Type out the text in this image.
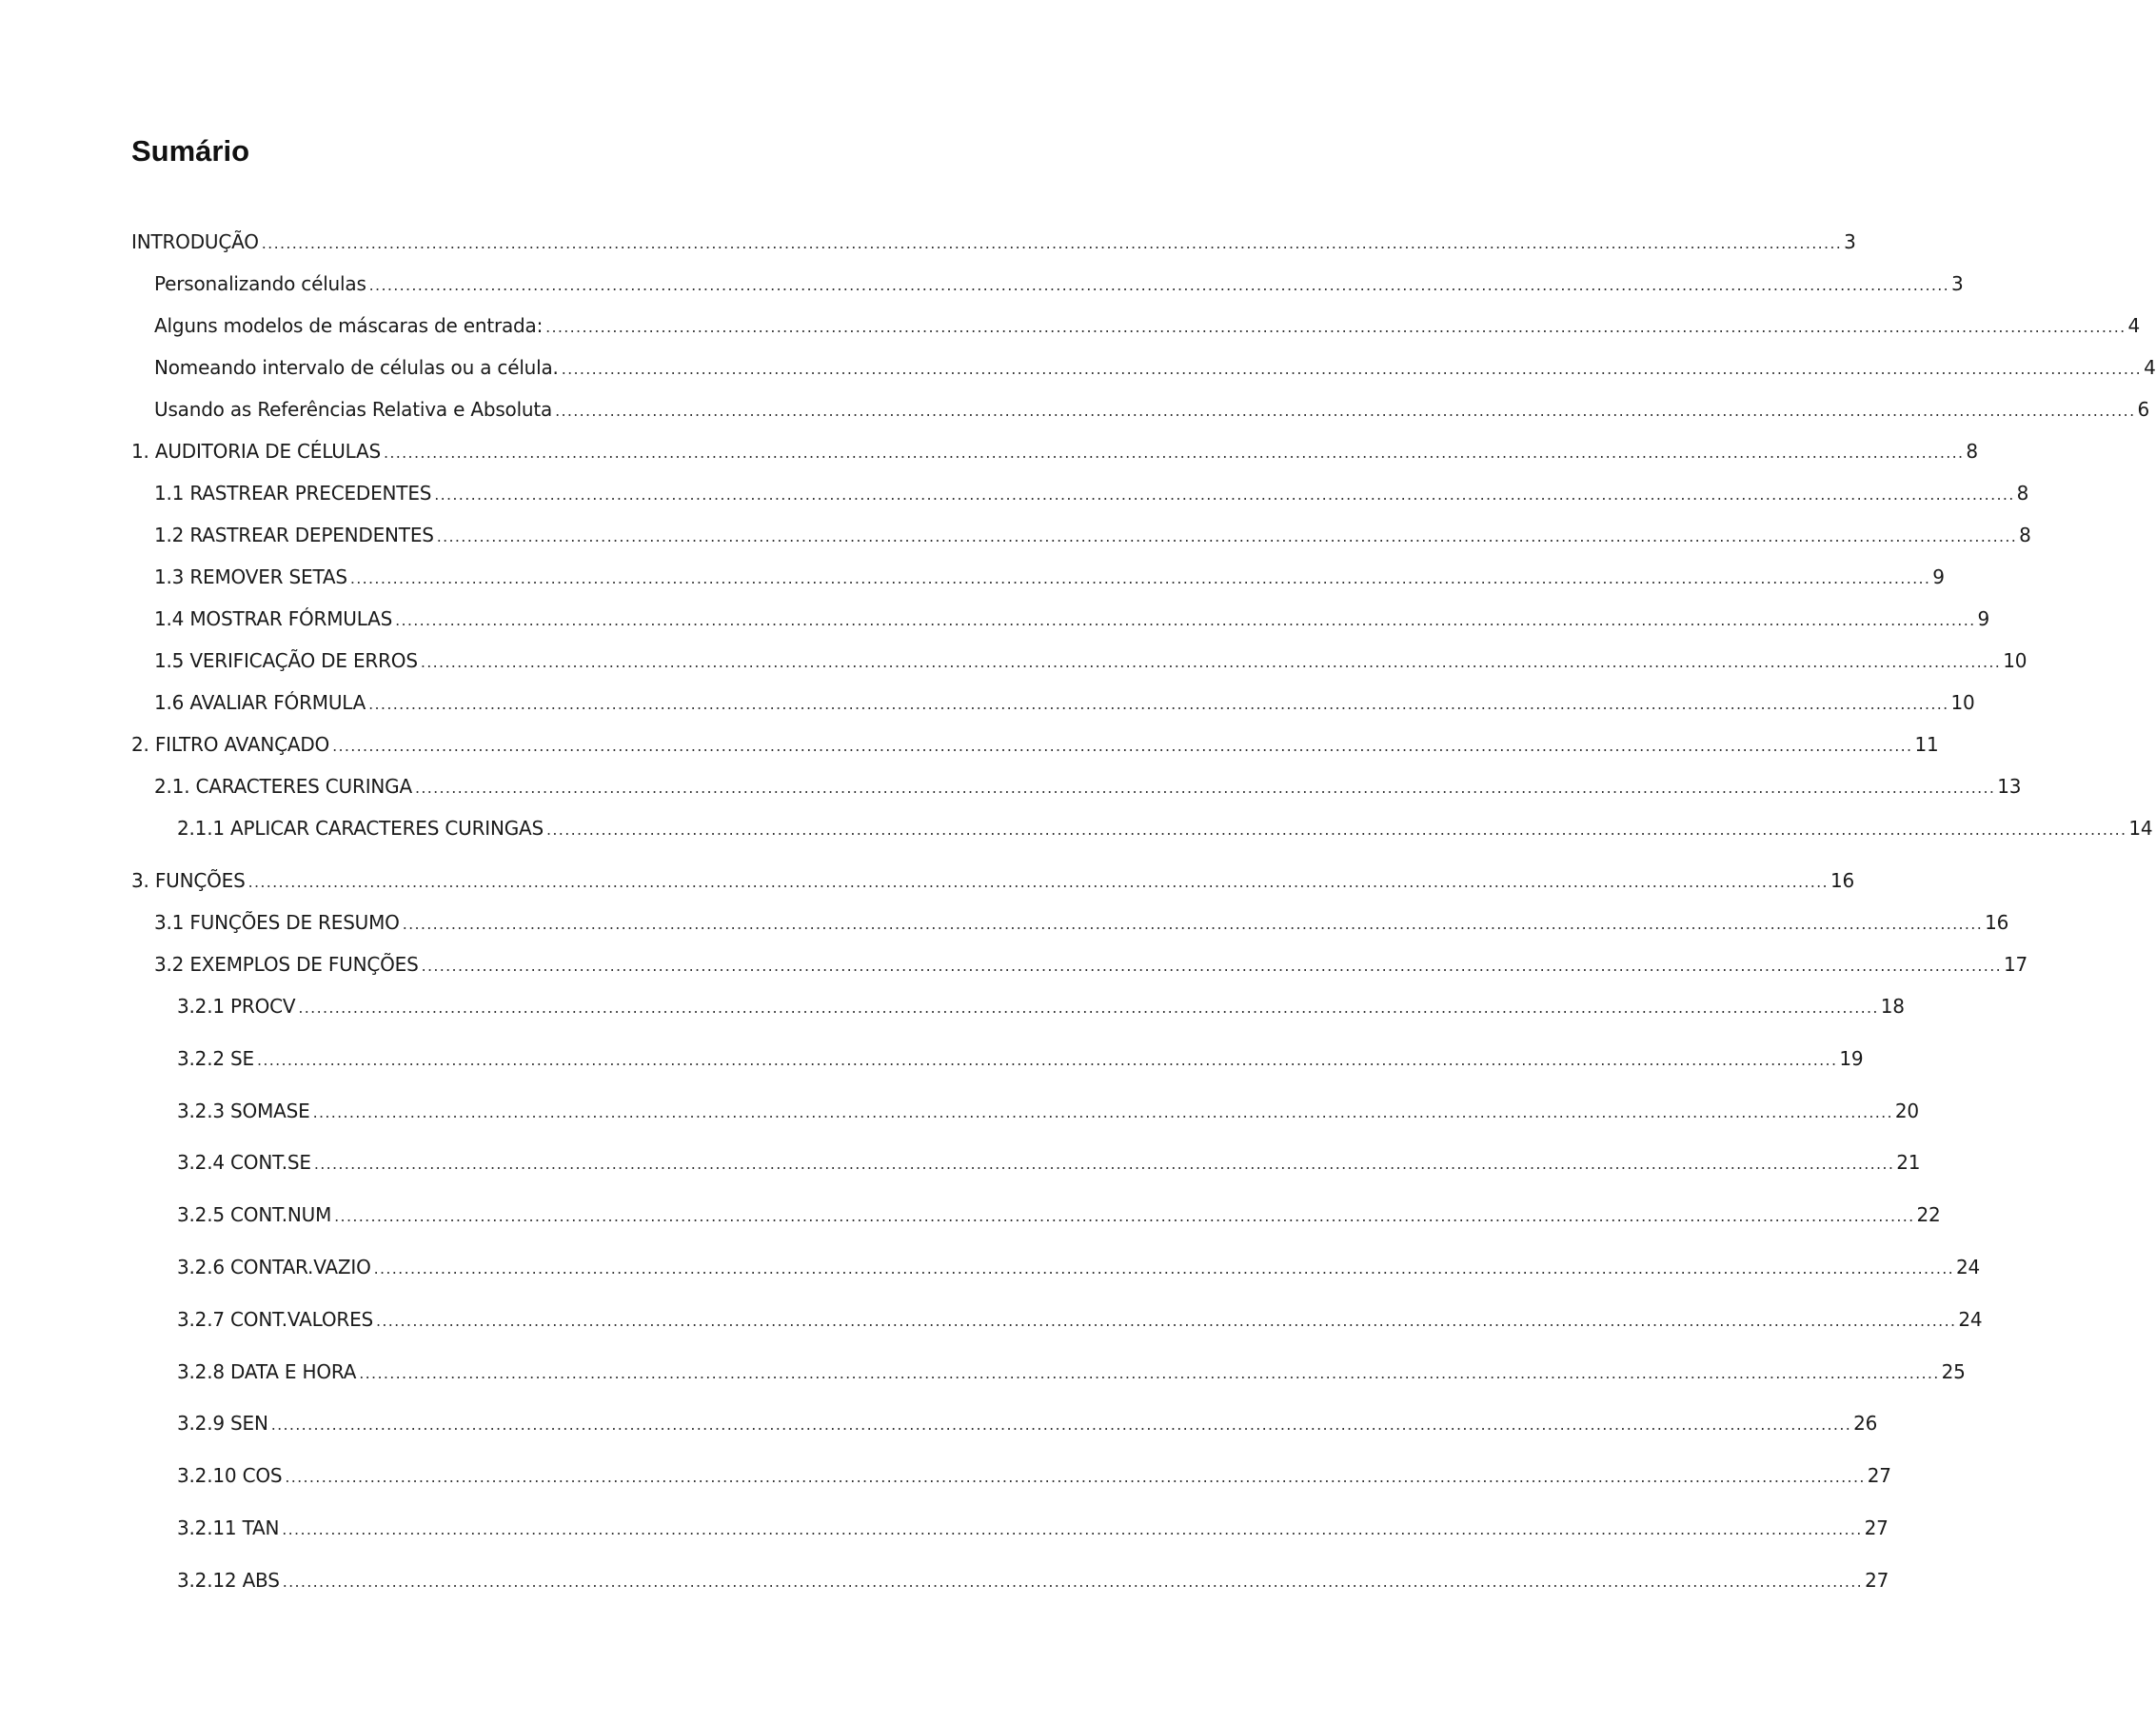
Sumário
INTRODUÇÃO .................................................................................................................................................................................................................................................................... 3
Personalizando células .................................................................................................................................................................................................................................................................... 3
Alguns modelos de máscaras de entrada: .................................................................................................................................................................................................................................................................... 4
Nomeando intervalo de células ou a célula. .................................................................................................................................................................................................................................................................... 4
Usando as Referências Relativa e Absoluta .................................................................................................................................................................................................................................................................... 6
1. AUDITORIA DE CÉLULAS .................................................................................................................................................................................................................................................................... 8
1.1 RASTREAR PRECEDENTES .................................................................................................................................................................................................................................................................... 8
1.2 RASTREAR DEPENDENTES .................................................................................................................................................................................................................................................................... 8
1.3 REMOVER SETAS .................................................................................................................................................................................................................................................................... 9
1.4 MOSTRAR FÓRMULAS .................................................................................................................................................................................................................................................................... 9
1.5 VERIFICAÇÃO DE ERROS .................................................................................................................................................................................................................................................................... 10
1.6 AVALIAR FÓRMULA .................................................................................................................................................................................................................................................................... 10
2. FILTRO AVANÇADO .................................................................................................................................................................................................................................................................... 11
2.1. CARACTERES CURINGA .................................................................................................................................................................................................................................................................... 13
2.1.1 APLICAR CARACTERES CURINGAS .................................................................................................................................................................................................................................................................... 14
3. FUNÇÕES .................................................................................................................................................................................................................................................................... 16
3.1 FUNÇÕES DE RESUMO .................................................................................................................................................................................................................................................................... 16
3.2 EXEMPLOS DE FUNÇÕES .................................................................................................................................................................................................................................................................... 17
3.2.1 PROCV .................................................................................................................................................................................................................................................................... 18
3.2.2 SE .................................................................................................................................................................................................................................................................... 19
3.2.3 SOMASE .................................................................................................................................................................................................................................................................... 20
3.2.4 CONT.SE .................................................................................................................................................................................................................................................................... 21
3.2.5 CONT.NUM .................................................................................................................................................................................................................................................................... 22
3.2.6 CONTAR.VAZIO .................................................................................................................................................................................................................................................................... 24
3.2.7 CONT.VALORES .................................................................................................................................................................................................................................................................... 24
3.2.8 DATA E HORA .................................................................................................................................................................................................................................................................... 25
3.2.9 SEN .................................................................................................................................................................................................................................................................... 26
3.2.10 COS .................................................................................................................................................................................................................................................................... 27
3.2.11 TAN .................................................................................................................................................................................................................................................................... 27
3.2.12 ABS .................................................................................................................................................................................................................................................................... 27
